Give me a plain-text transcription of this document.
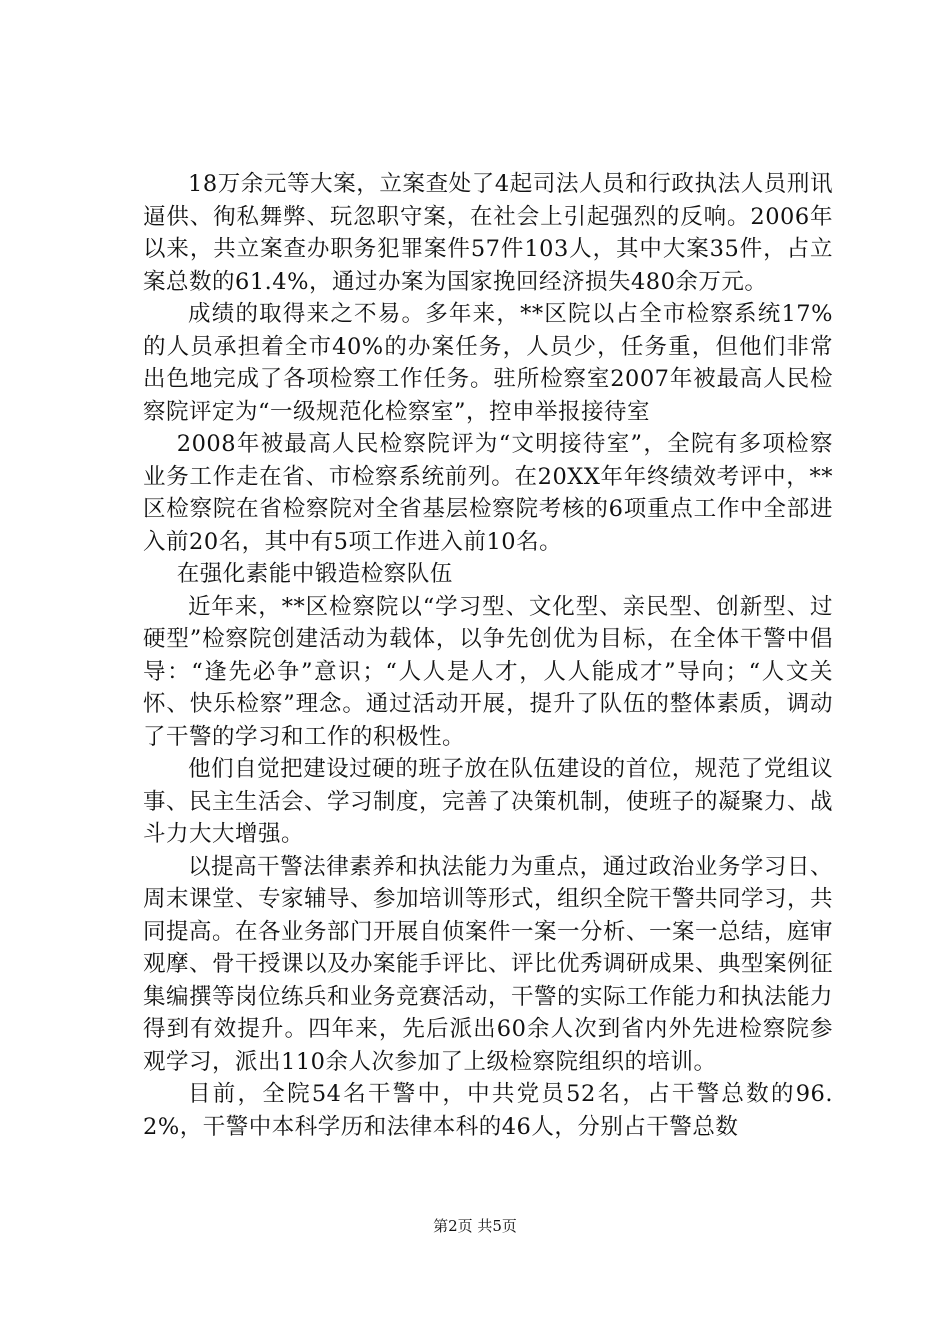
18万余元等大案，立案查处了4起司法人员和行政执法人员刑讯逼供、徇私舞弊、玩忽职守案，在社会上引起强烈的反响。2006年以来，共立案查办职务犯罪案件57件103人，其中大案35件，占立案总数的61.4%，通过办案为国家挽回经济损失480余万元。

成绩的取得来之不易。多年来，**区院以占全市检察系统17%的人员承担着全市40%的办案任务，人员少，任务重，但他们非常出色地完成了各项检察工作任务。驻所检察室2007年被最高人民检察院评定为“一级规范化检察室”，控申举报接待室

2008年被最高人民检察院评为“文明接待室”，全院有多项检察业务工作走在省、市检察系统前列。在20XX年年终绩效考评中，**区检察院在省检察院对全省基层检察院考核的6项重点工作中全部进入前20名，其中有5项工作进入前10名。

在强化素能中锻造检察队伍

近年来，**区检察院以“学习型、文化型、亲民型、创新型、过硬型”检察院创建活动为载体，以争先创优为目标，在全体干警中倡导：“逢先必争”意识；“人人是人才，人人能成才”导向；“人文关怀、快乐检察”理念。通过活动开展，提升了队伍的整体素质，调动了干警的学习和工作的积极性。

他们自觉把建设过硬的班子放在队伍建设的首位，规范了党组议事、民主生活会、学习制度，完善了决策机制，使班子的凝聚力、战斗力大大增强。

以提高干警法律素养和执法能力为重点，通过政治业务学习日、周末课堂、专家辅导、参加培训等形式，组织全院干警共同学习，共同提高。在各业务部门开展自侦案件一案一分析、一案一总结，庭审观摩、骨干授课以及办案能手评比、评比优秀调研成果、典型案例征集编撰等岗位练兵和业务竞赛活动，干警的实际工作能力和执法能力得到有效提升。四年来，先后派出60余人次到省内外先进检察院参观学习，派出110余人次参加了上级检察院组织的培训。

目前，全院54名干警中，中共党员52名，占干警总数的96.2%，干警中本科学历和法律本科的46人，分别占干警总数

第2页 共5页
